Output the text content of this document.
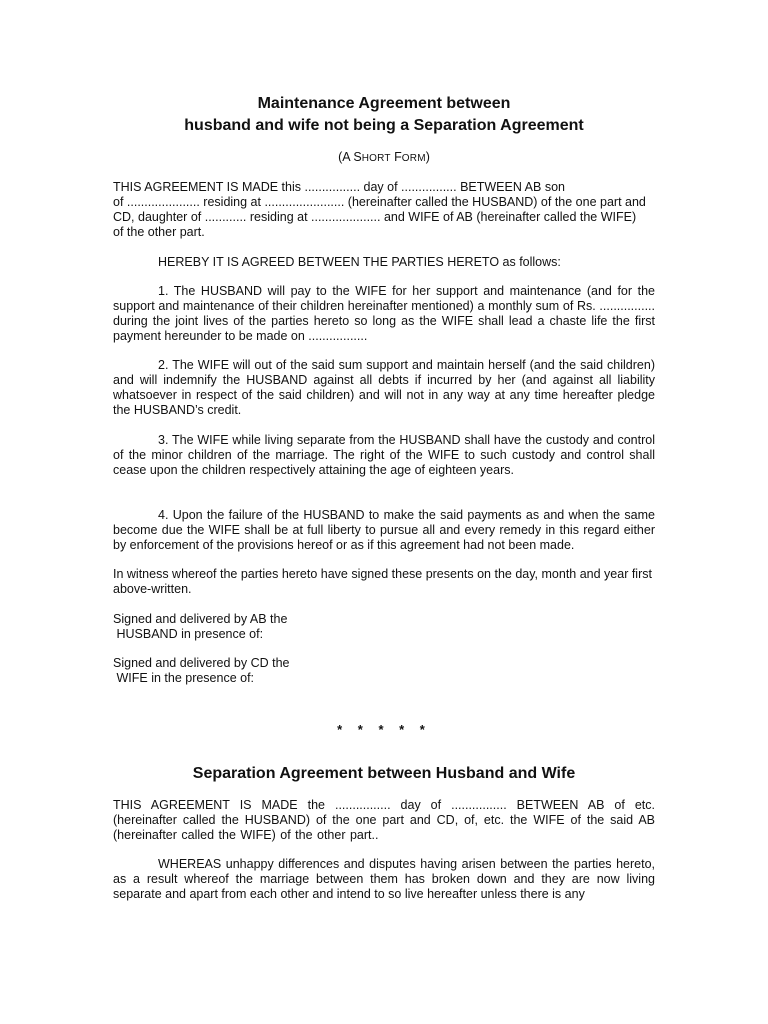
Maintenance Agreement between
husband and wife not being a Separation Agreement
(A SHORT FORM)
THIS AGREEMENT IS MADE this ................ day of ................ BETWEEN AB son
of ..................... residing at ....................... (hereinafter called the HUSBAND) of the one part and
CD, daughter of ............ residing at .................... and WIFE of AB (hereinafter called the WIFE)
of the other part.

HEREBY IT IS AGREED BETWEEN THE PARTIES HERETO as follows:

1. The HUSBAND will pay to the WIFE for her support and maintenance (and for the support and maintenance of their children hereinafter mentioned) a monthly sum of Rs. ................ during the joint lives of the parties hereto so long as the WIFE shall lead a chaste life the first payment hereunder to be made on .................

2. The WIFE will out of the said sum support and maintain herself (and the said children) and will indemnify the HUSBAND against all debts if incurred by her (and against all liability whatsoever in respect of the said children) and will not in any way at any time hereafter pledge the HUSBAND’s credit.

3. The WIFE while living separate from the HUSBAND shall have the custody and control of the minor children of the marriage. The right of the WIFE to such custody and control shall cease upon the children respectively attaining the age of eighteen years.

4. Upon the failure of the HUSBAND to make the said payments as and when the same become due the WIFE shall be at full liberty to pursue all and every remedy in this regard either by enforcement of the provisions hereof or as if this agreement had not been made.

In witness whereof the parties hereto have signed these presents on the day, month and year first above-written.

Signed and delivered by AB the
HUSBAND in presence of:
Signed and delivered by CD the
WIFE in the presence of:
* * * * *
Separation Agreement between Husband and Wife

THIS AGREEMENT IS MADE the ................ day of ................ BETWEEN AB of etc. (hereinafter called the HUSBAND) of the one part and CD, of, etc. the WIFE of the said AB (hereinafter called the WIFE) of the other part..

WHEREAS unhappy differences and disputes having arisen between the parties hereto, as a result whereof the marriage between them has broken down and they are now living separate and apart from each other and intend to so live hereafter unless there is any
